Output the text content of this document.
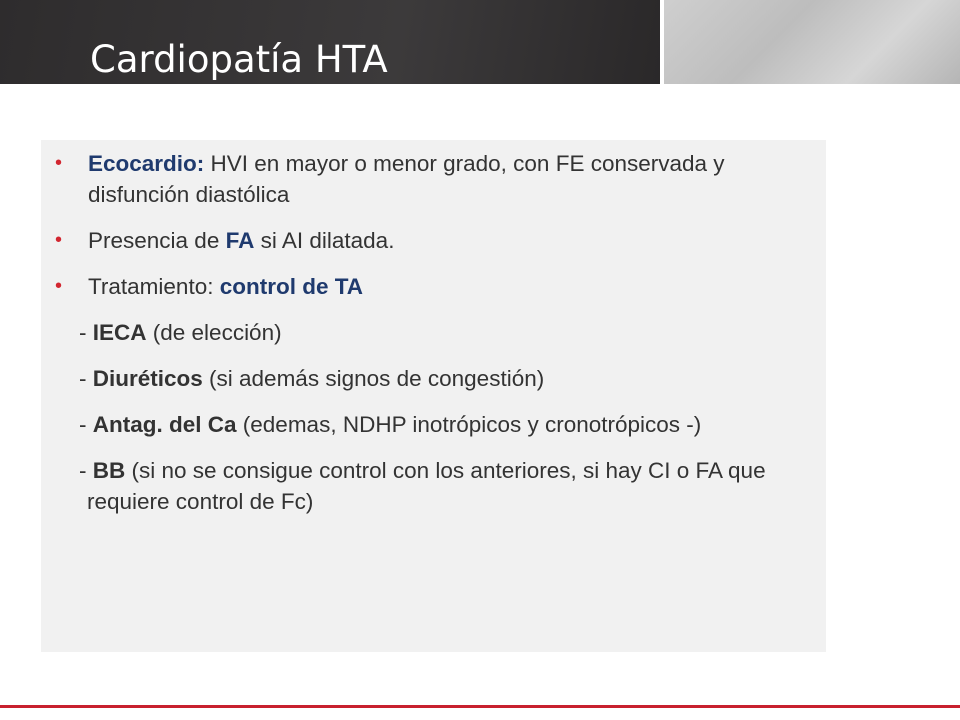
Cardiopatía HTA
• Ecocardio: HVI en mayor o menor grado, con FE conservada y disfunción diastólica
• Presencia de FA si AI dilatada.
• Tratamiento: control de TA
- IECA (de elección)
- Diuréticos (si además signos de congestión)
- Antag. del Ca (edemas, NDHP inotrópicos y cronotrópicos -)
- BB (si no se consigue control con los anteriores, si hay CI o FA que requiere control de Fc)
